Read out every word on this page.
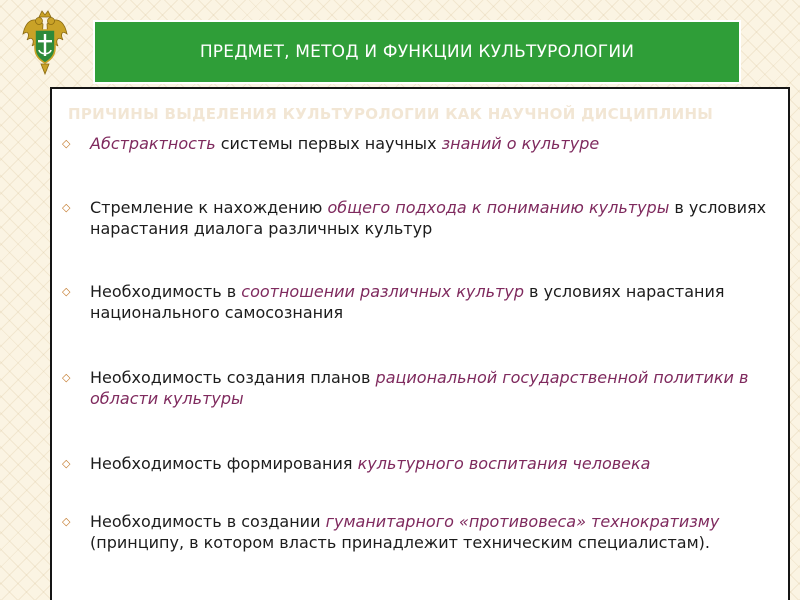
ПРЕДМЕТ, МЕТОД И ФУНКЦИИ КУЛЬТУРОЛОГИИ
ПРИЧИНЫ ВЫДЕЛЕНИЯ КУЛЬТУРОЛОГИИ КАК НАУЧНОЙ ДИСЦИПЛИНЫ
◇	Абстрактность системы первых научных знаний о культуре
◇	Стремление к нахождению общего подхода к пониманию культуры в условиях нарастания диалога различных культур
◇	Необходимость в соотношении различных культур в условиях нарастания национального самосознания
◇	Необходимость создания планов рациональной государственной политики в области культуры
◇	Необходимость формирования культурного воспитания человека
◇	Необходимость в создании гуманитарного «противовеса» технократизму (принципу, в котором власть принадлежит техническим специалистам).
